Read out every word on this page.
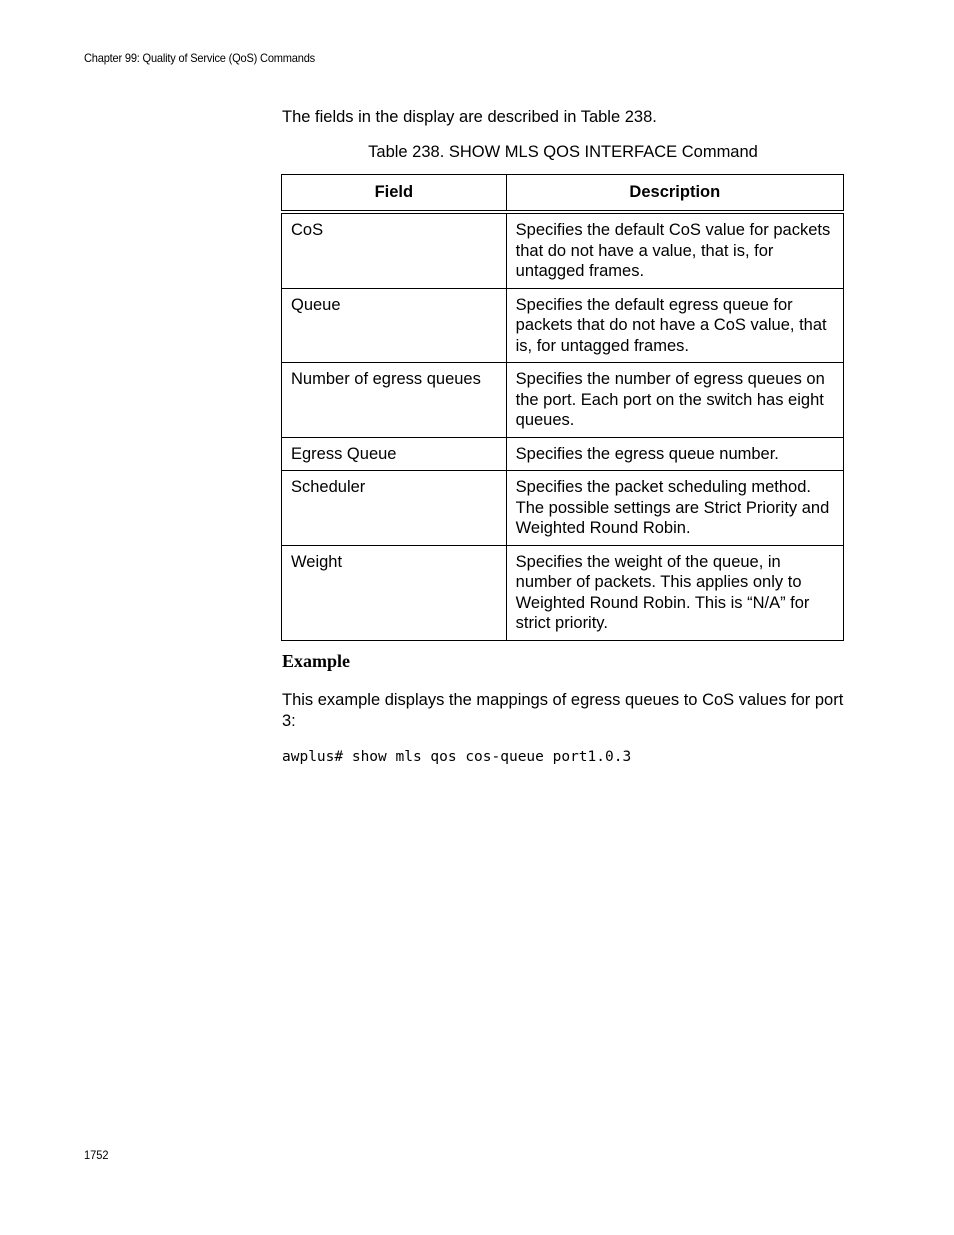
Chapter 99: Quality of Service (QoS) Commands
The fields in the display are described in Table 238.
Table 238. SHOW MLS QOS INTERFACE Command
Field	Description
CoS	Specifies the default CoS value for packets that do not have a value, that is, for untagged frames.
Queue	Specifies the default egress queue for packets that do not have a CoS value, that is, for untagged frames.
Number of egress queues	Specifies the number of egress queues on the port. Each port on the switch has eight queues.
Egress Queue	Specifies the egress queue number.
Scheduler	Specifies the packet scheduling method. The possible settings are Strict Priority and Weighted Round Robin.
Weight	Specifies the weight of the queue, in number of packets. This applies only to Weighted Round Robin. This is “N/A” for strict priority.
Example
This example displays the mappings of egress queues to CoS values for port 3:
awplus# show mls qos cos-queue port1.0.3
1752
